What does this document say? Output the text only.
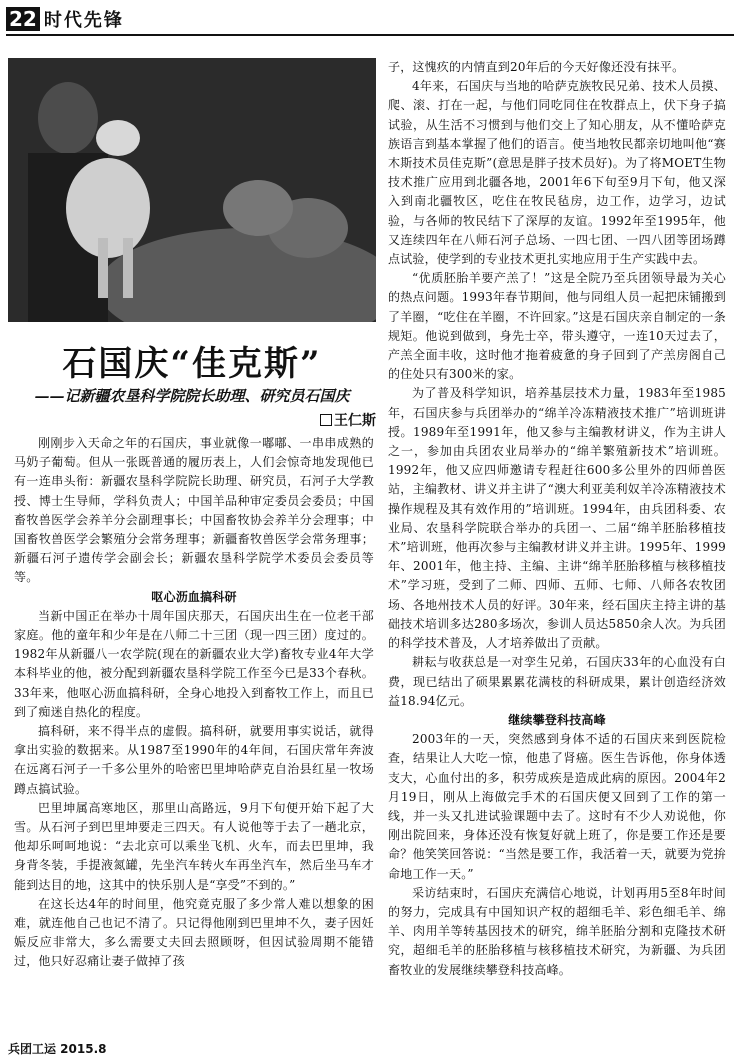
22 时代先锋
石国庆“佳克斯”
——记新疆农垦科学院院长助理、研究员石国庆
王仁斯

刚刚步入天命之年的石国庆，事业就像一嘟嘟、一串串成熟的马奶子葡萄。但从一张既普通的履历表上，人们会惊奇地发现他已有一连串头衔：新疆农垦科学院院长助理、研究员，石河子大学教授、博士生导师，学科负责人；中国羊品种审定委员会委员；中国畜牧兽医学会养羊分会副理事长；中国畜牧协会养羊分会理事；中国畜牧兽医学会繁殖分会常务理事；新疆畜牧兽医学会常务理事；新疆石河子遗传学会副会长；新疆农垦科学院学术委员会委员等等。

呕心沥血搞科研

当新中国正在举办十周年国庆那天，石国庆出生在一位老干部家庭。他的童年和少年是在八师二十三团（现一四三团）度过的。1982年从新疆八一农学院(现在的新疆农业大学)畜牧专业4年大学本科毕业的他，被分配到新疆农垦科学院工作至今已是33个春秋。33年来，他呕心沥血搞科研，全身心地投入到畜牧工作上，而且已到了痴迷自热化的程度。

搞科研，来不得半点的虚假。搞科研，就要用事实说话，就得拿出实验的数据来。从1987至1990年的4年间，石国庆常年奔波在远离石河子一千多公里外的哈密巴里坤哈萨克自治县红星一牧场蹲点搞试验。

巴里坤属高寒地区，那里山高路远，9月下旬便开始下起了大雪。从石河子到巴里坤要走三四天。有人说他等于去了一趟北京，他却乐呵呵地说：“去北京可以乘坐飞机、火车，而去巴里坤，我身背冬装，手提液氮罐，先坐汽车转火车再坐汽车，然后坐马车才能到达目的地，这其中的快乐别人是“享受”不到的。”

在这长达4年的时间里，他究竟克服了多少常人难以想象的困难，就连他自己也记不清了。只记得他刚到巴里坤不久，妻子因妊娠反应非常大，多么需要丈夫回去照顾呀，但因试验周期不能错过，他只好忍痛让妻子做掉了孩

子，这愧疚的内情直到20年后的今天好像还没有抹平。

4年来，石国庆与当地的哈萨克族牧民兄弟、技术人员摸、爬、滚、打在一起，与他们同吃同住在牧群点上，伏下身子搞试验，从生活不习惯到与他们交上了知心朋友，从不懂哈萨克族语言到基本掌握了他们的语言。使当地牧民都亲切地叫他“赛木斯技术员佳克斯”(意思是胖子技术员好)。为了将MOET生物技术推广应用到北疆各地，2001年6下旬至9月下旬，他又深入到南北疆牧区，吃住在牧民毡房，边工作，边学习，边试验，与各师的牧民结下了深厚的友谊。1992年至1995年，他又连续四年在八师石河子总场、一四七团、一四八团等团场蹲点试验，使学到的专业技术更扎实地应用于生产实践中去。

“优质胚胎羊要产羔了！”这是全院乃至兵团领导最为关心的热点问题。1993年春节期间，他与同组人员一起把床铺搬到了羊圈，“吃住在羊圈，不许回家。”这是石国庆亲自制定的一条规矩。他说到做到，身先士卒，带头遵守，一连10天过去了，产羔全面丰收，这时他才拖着疲惫的身子回到了产羔房阁自己的住处只有300米的家。

为了普及科学知识，培养基层技术力量，1983年至1985年，石国庆参与兵团举办的“绵羊冷冻精液技术推广”培训班讲授。1989年至1991年，他又参与主编教材讲义，作为主讲人之一，参加由兵团农业局举办的“绵羊繁殖新技术”培训班。1992年，他又应四师邀请专程赶往600多公里外的四师兽医站，主编教材、讲义并主讲了“澳大利亚美利奴羊冷冻精液技术操作规程及其有效作用的”培训班。1994年，由兵团科委、农业局、农垦科学院联合举办的兵团一、二届“绵羊胚胎移植技术”培训班，他再次参与主编教材讲义并主讲。1995年、1999年、2001年，他主持、主编、主讲“绵羊胚胎移植与核移植技术”学习班，受到了二师、四师、五师、七师、八师各农牧团场、各地州技术人员的好评。30年来，经石国庆主持主讲的基础技术培训多达280多场次，参训人员达5850余人次。为兵团的科学技术普及，人才培养做出了贡献。

耕耘与收获总是一对孪生兄弟，石国庆33年的心血没有白费，现已结出了硕果累累花满枝的科研成果，累计创造经济效益18.94亿元。

继续攀登科技高峰

2003年的一天，突然感到身体不适的石国庆来到医院检查，结果让人大吃一惊，他患了肾癌。医生告诉他，你身体透支大，心血付出的多，积劳成疾是造成此病的原因。2004年2月19日，刚从上海做完手术的石国庆便又回到了工作的第一线，并一头又扎进试验课题中去了。这时有不少人劝说他，你刚出院回来，身体还没有恢复好就上班了，你是要工作还是要命？他笑笑回答说：“当然是要工作，我活着一天，就要为党拚命地工作一天。”

采访结束时，石国庆充满信心地说，计划再用5至8年时间的努力，完成具有中国知识产权的超细毛羊、彩色细毛羊、绵羊、肉用羊等转基因技术的研究，绵羊胚胎分割和克隆技术研究，超细毛羊的胚胎移植与核移植技术研究，为新疆、为兵团畜牧业的发展继续攀登科技高峰。

兵团工运 2015.8
